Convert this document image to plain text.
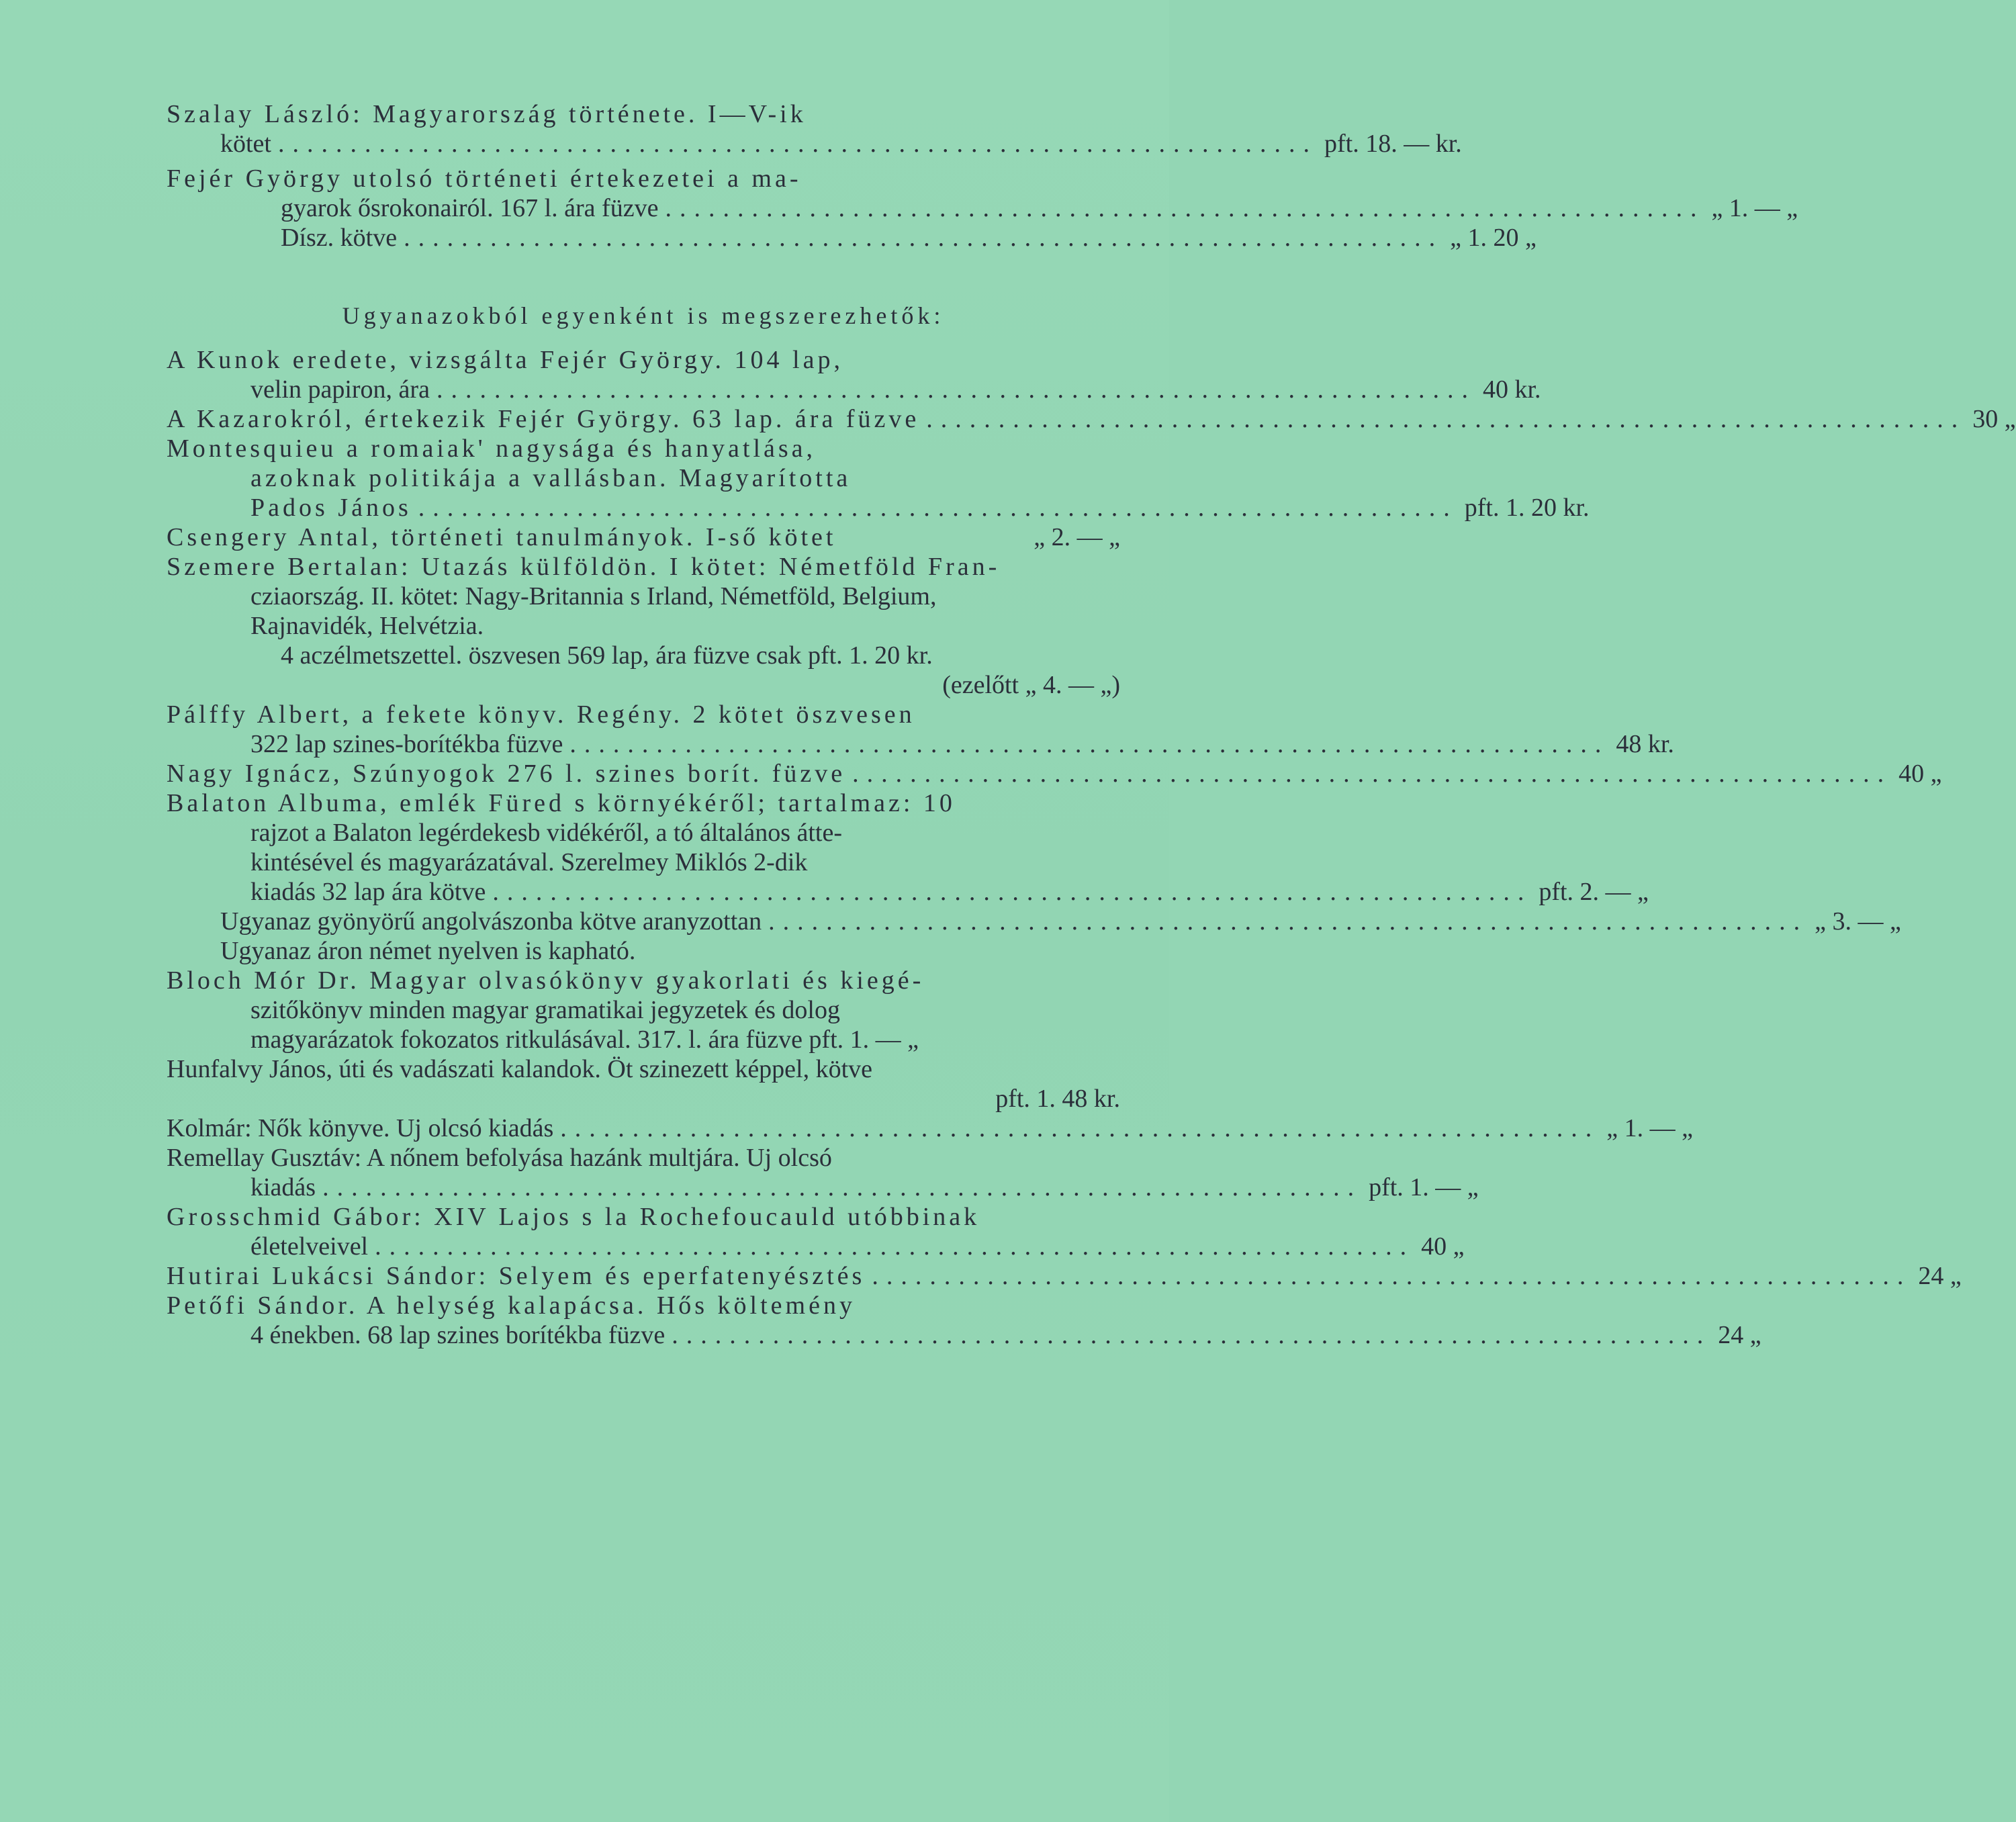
Szalay László: Magyarország története. I—V-ik
kötet ........................................................................ pft. 18. — kr.
Fejér György utolsó történeti értekezetei a ma-
gyarok ősrokonairól. 167 l. ára füzve ........................................................................ „ 1. — „
Dísz. kötve ........................................................................ „ 1. 20 „
Ugyanazokból egyenként is megszerezhetők:
A Kunok eredete, vizsgálta Fejér György. 104 lap,
velin papiron, ára ........................................................................ 40 kr.
A Kazarokról, értekezik Fejér György. 63 lap. ára füzve ........................................................................ 30 „
Montesquieu a romaiak' nagysága és hanyatlása,
azoknak politikája a vallásban. Magyarította
Pados János ........................................................................ pft. 1. 20 kr.
Csengery Antal, történeti tanulmányok. I-ső kötet	„ 2. — „
Szemere Bertalan: Utazás külföldön. I kötet: Németföld Fran-
cziaország. II. kötet: Nagy-Britannia s Irland, Németföld, Belgium,
Rajnavidék, Helvétzia.
4 aczélmetszettel. öszvesen 569 lap, ára füzve csak pft. 1. 20 kr.
(ezelőtt „ 4. — „)
Pálffy Albert, a fekete könyv. Regény. 2 kötet öszvesen
322 lap szines-borítékba füzve ........................................................................ 48 kr.
Nagy Ignácz, Szúnyogok 276 l. szines borít. füzve ........................................................................ 40 „
Balaton Albuma, emlék Füred s környékéről; tartalmaz: 10
rajzot a Balaton legérdekesb vidékéről, a tó általános átte-
kintésével és magyarázatával. Szerelmey Miklós 2-dik
kiadás 32 lap ára kötve ........................................................................ pft. 2. — „
Ugyanaz gyönyörű angolvászonba kötve aranyzottan ........................................................................ „ 3. — „
Ugyanaz áron német nyelven is kapható.
Bloch Mór Dr. Magyar olvasókönyv gyakorlati és kiegé-
szitőkönyv minden magyar gramatikai jegyzetek és dolog
magyarázatok fokozatos ritkulásával. 317. l. ára füzve pft. 1. — „
Hunfalvy János, úti és vadászati kalandok. Öt szinezett képpel, kötve
pft. 1. 48 kr.
Kolmár: Nők könyve. Uj olcsó kiadás ........................................................................ „ 1. — „
Remellay Gusztáv: A nőnem befolyása hazánk multjára. Uj olcsó
kiadás ........................................................................ pft. 1. — „
Grosschmid Gábor: XIV Lajos s la Rochefoucauld utóbbinak
életelveivel ........................................................................ 40 „
Hutirai Lukácsi Sándor: Selyem és eperfatenyésztés ........................................................................ 24 „
Petőfi Sándor. A helység kalapácsa. Hős költemény
4 énekben. 68 lap szines borítékba füzve ........................................................................ 24 „
